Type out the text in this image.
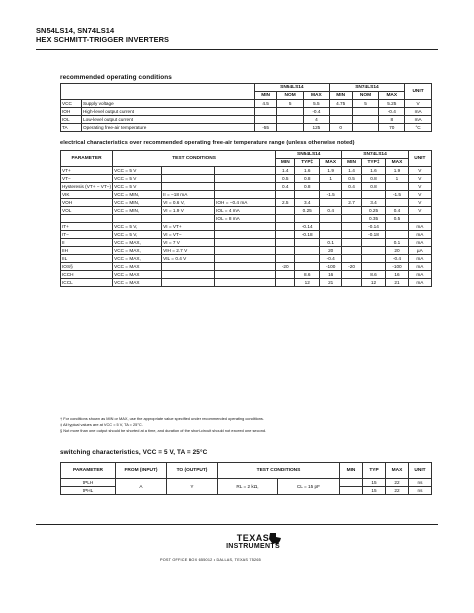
SN54LS14, SN74LS14
HEX SCHMITT-TRIGGER INVERTERS
recommended operating conditions
		SN54LS14			SN74LS14			UNIT
		MIN	NOM	MAX	MIN	NOM	MAX	
VCC	Supply voltage	4.5	5	5.5	4.75	5	5.25	V
IOH	High-level output current			-0.4			-0.4	mA
IOL	Low-level output current			4			8	mA
TA	Operating free-air temperature	-55		125	0		70	°C
electrical characteristics over recommended operating free-air temperature range (unless otherwise noted)
PARAMETER	TEST CONDITIONS			SN54LS14			SN74LS14			UNIT
				MIN	TYP‡	MAX	MIN	TYP‡	MAX	
VT+	VCC = 5 V			1.4	1.6	1.9	1.4	1.6	1.9	V
VT−	VCC = 5 V			0.5	0.8	1	0.5	0.8	1	V
Hysteresis (VT+ − VT−)	VCC = 5 V			0.4	0.8		0.4	0.8		V
VIK	VCC = MIN,	II = −18 mA				-1.5			-1.5	V
VOH	VCC = MIN,	VI = 0.6 V,	IOH = −0.4 mA	2.5	3.4		2.7	3.4		V
VOL	VCC = MIN,	VI = 1.9 V	IOL = 4 mA		0.25	0.4		0.25	0.4	V
			IOL = 8 mA					0.35	0.5	
IT+	VCC = 5 V,	VI = VT+			-0.14			-0.14		mA
IT−	VCC = 5 V,	VI = VT−			-0.18			-0.18		mA
II	VCC = MAX,	VI = 7 V				0.1			0.1	mA
IIH	VCC = MAX,	VIH = 2.7 V				20			20	µA
IIL	VCC = MAX,	VIL = 0.4 V				-0.4			-0.4	mA
IOS§	VCC = MAX			-20		-100	-20		-100	mA
ICCH	VCC = MAX				8.6	16		8.6	16	mA
ICCL	VCC = MAX				12	21		12	21	mA
† For conditions shown as MIN or MAX, use the appropriate value specified under recommended operating conditions.
‡ All typical values are at VCC = 5 V, TA = 25°C.
§ Not more than one output should be shorted at a time, and duration of the short-circuit should not exceed one second.
switching characteristics, VCC = 5 V, TA = 25°C
PARAMETER	FROM (INPUT)	TO (OUTPUT)	TEST CONDITIONS		MIN	TYP	MAX	UNIT
tPLH	A	Y	RL = 2 kΩ,	CL = 15 pF		15	22	ns
tPHL						15	22	ns
TEXAS
INSTRUMENTS
POST OFFICE BOX 655012 • DALLAS, TEXAS 75265
